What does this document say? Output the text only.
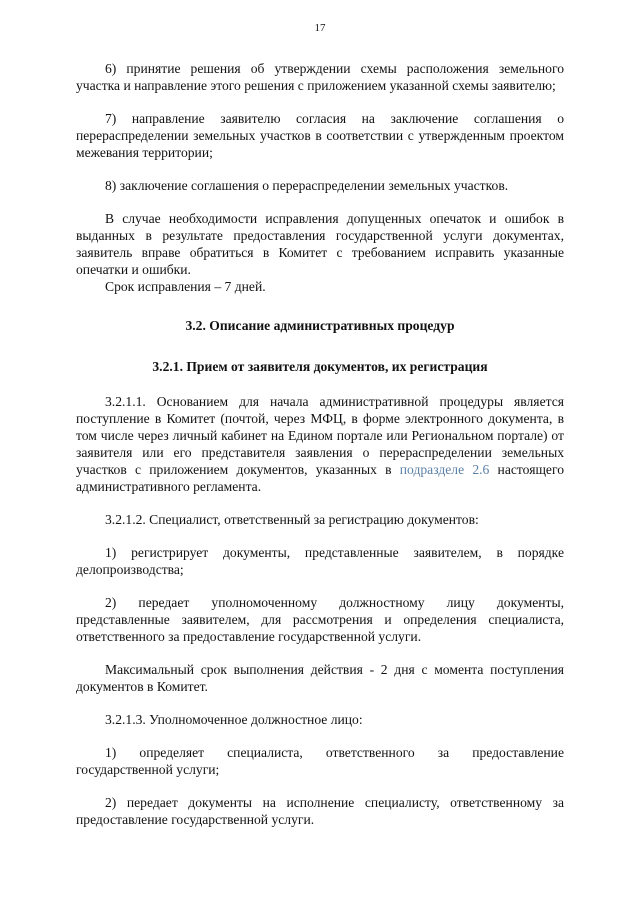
17

6) принятие решения об утверждении схемы расположения земельного участка и направление этого решения с приложением указанной схемы заявителю;

7) направление заявителю согласия на заключение соглашения о перераспределении земельных участков в соответствии с утвержденным проектом межевания территории;

8) заключение соглашения о перераспределении земельных участков.

В случае необходимости исправления допущенных опечаток и ошибок в выданных в результате предоставления государственной услуги документах, заявитель вправе обратиться в Комитет с требованием исправить указанные опечатки и ошибки.

Срок исправления – 7 дней.

3.2. Описание административных процедур
3.2.1. Прием от заявителя документов, их регистрация

3.2.1.1. Основанием для начала административной процедуры является поступление в Комитет (почтой, через МФЦ, в форме электронного документа, в том числе через личный кабинет на Едином портале или Региональном портале) от заявителя или его представителя заявления о перераспределении земельных участков с приложением документов, указанных в подразделе 2.6 настоящего административного регламента.

3.2.1.2. Специалист, ответственный за регистрацию документов:

1) регистрирует документы, представленные заявителем, в порядке делопроизводства;

2) передает уполномоченному должностному лицу документы, представленные заявителем, для рассмотрения и определения специалиста, ответственного за предоставление государственной услуги.

Максимальный срок выполнения действия - 2 дня с момента поступления документов в Комитет.

3.2.1.3. Уполномоченное должностное лицо:

1) определяет специалиста, ответственного за предоставление государственной услуги;

2) передает документы на исполнение специалисту, ответственному за предоставление государственной услуги.
